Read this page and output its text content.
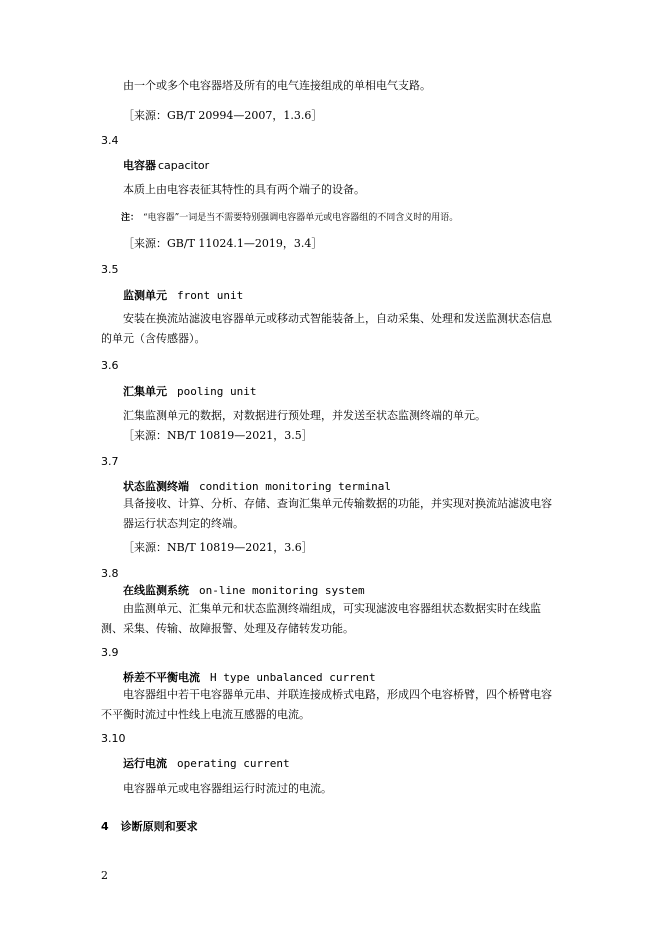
由一个或多个电容器塔及所有的电气连接组成的单相电气支路。
［来源：GB/T 20994—2007，1.3.6］
3.4
电容器 capacitor
本质上由电容表征其特性的具有两个端子的设备。
注： “电容器”一词是当不需要特别强调电容器单元或电容器组的不同含义时的用语。
［来源：GB/T 11024.1—2019，3.4］
3.5
监测单元 front unit
安装在换流站滤波电容器单元或移动式智能装备上，自动采集、处理和发送监测状态信息的单元（含传感器）。
3.6
汇集单元 pooling unit
汇集监测单元的数据，对数据进行预处理，并发送至状态监测终端的单元。
［来源：NB/T 10819—2021，3.5］
3.7
状态监测终端 condition monitoring terminal
具备接收、计算、分析、存储、查询汇集单元传输数据的功能，并实现对换流站滤波电容器运行状态判定的终端。
［来源：NB/T 10819—2021，3.6］
3.8
在线监测系统 on-line monitoring system
由监测单元、汇集单元和状态监测终端组成，可实现滤波电容器组状态数据实时在线监测、采集、传输、故障报警、处理及存储转发功能。
3.9
桥差不平衡电流 H type unbalanced current
电容器组中若干电容器单元串、并联连接成桥式电路，形成四个电容桥臂，四个桥臂电容不平衡时流过中性线上电流互感器的电流。
3.10
运行电流 operating current
电容器单元或电容器组运行时流过的电流。
4 诊断原则和要求
2
